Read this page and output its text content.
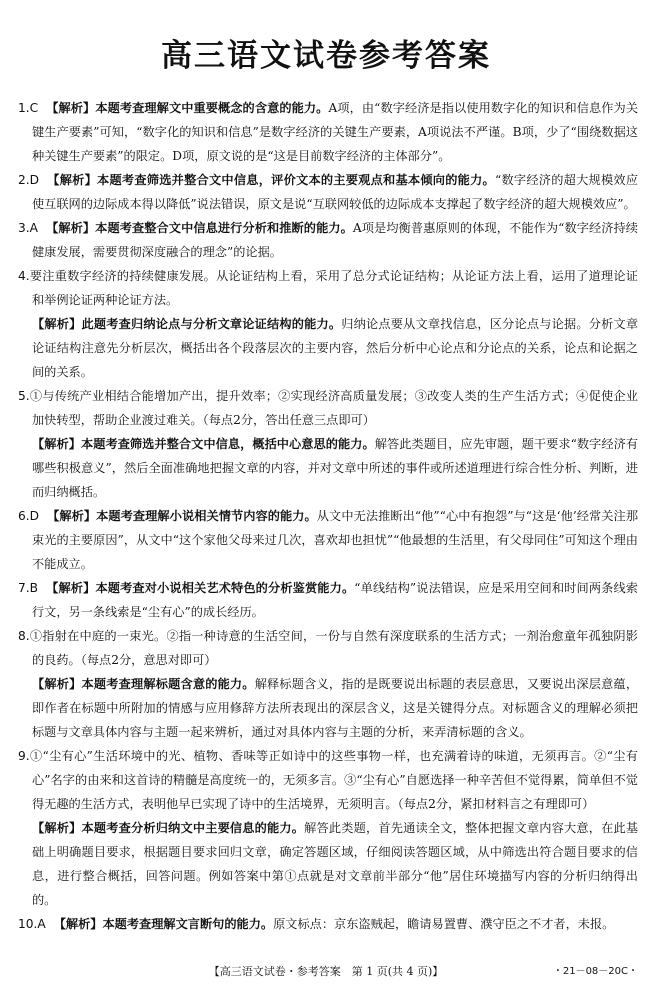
高三语文试卷参考答案

1.C 【解析】本题考查理解文中重要概念的含意的能力。A项，由“数字经济是指以使用数字化的知识和信息作为关键生产要素”可知，“数字化的知识和信息”是数字经济的关键生产要素，A项说法不严谨。B项，少了“围绕数据这种关键生产要素”的限定。D项，原文说的是“这是目前数字经济的主体部分”。

2.D 【解析】本题考查筛选并整合文中信息，评价文本的主要观点和基本倾向的能力。“数字经济的超大规模效应使互联网的边际成本得以降低”说法错误，原文是说“互联网较低的边际成本支撑起了数字经济的超大规模效应”。

3.A 【解析】本题考查整合文中信息进行分析和推断的能力。A项是均衡普惠原则的体现，不能作为“数字经济持续健康发展，需要贯彻深度融合的理念”的论据。

4.要注重数字经济的持续健康发展。从论证结构上看，采用了总分式论证结构；从论证方法上看，运用了道理论证和举例论证两种论证方法。

【解析】此题考查归纳论点与分析文章论证结构的能力。归纳论点要从文章找信息，区分论点与论据。分析文章论证结构注意先分析层次，概括出各个段落层次的主要内容，然后分析中心论点和分论点的关系，论点和论据之间的关系。

5.①与传统产业相结合能增加产出，提升效率；②实现经济高质量发展；③改变人类的生产生活方式；④促使企业加快转型，帮助企业渡过难关。（每点2分，答出任意三点即可）

【解析】本题考查筛选并整合文中信息，概括中心意思的能力。解答此类题目，应先审题，题干要求“数字经济有哪些积极意义”，然后全面准确地把握文章的内容，并对文章中所述的事件或所述道理进行综合性分析、判断，进而归纳概括。

6.D 【解析】本题考查理解小说相关情节内容的能力。从文中无法推断出“他”“心中有抱怨”与“这是‘他’经常关注那束光的主要原因”，从文中“这个家他父母来过几次，喜欢却也担忧”“他最想的生活里，有父母同住”可知这个理由不能成立。

7.B 【解析】本题考查对小说相关艺术特色的分析鉴赏能力。“单线结构”说法错误，应是采用空间和时间两条线索行文，另一条线索是“尘有心”的成长经历。

8.①指射在中庭的一束光。②指一种诗意的生活空间，一份与自然有深度联系的生活方式；一剂治愈童年孤独阴影的良药。（每点2分，意思对即可）

【解析】本题考查理解标题含意的能力。解释标题含义，指的是既要说出标题的表层意思，又要说出深层意蕴，即作者在标题中所附加的情感与应用修辞方法所表现出的深层含义，这是关键得分点。对标题含义的理解必须把标题与文章具体内容与主题一起来辨析，通过对具体内容与主题的分析，来弄清标题的含义。

9.①“尘有心”生活环境中的光、植物、香味等正如诗中的这些事物一样，也充满着诗的味道，无须再言。②“尘有心”名字的由来和这首诗的精髓是高度统一的，无须多言。③“尘有心”自愿选择一种辛苦但不觉得累，简单但不觉得无趣的生活方式，表明他早已实现了诗中的生活境界，无须明言。（每点2分，紧扣材料言之有理即可）

【解析】本题考查分析归纳文中主要信息的能力。解答此类题，首先通读全文，整体把握文章内容大意，在此基础上明确题目要求，根据题目要求回归文章，确定答题区域，仔细阅读答题区域，从中筛选出符合题目要求的信息，进行整合概括，回答问题。例如答案中第①点就是对文章前半部分“他”居住环境描写内容的分析归纳得出的。

10.A 【解析】本题考查理解文言断句的能力。原文标点：京东盗贼起，瞻请易置曹、濮守臣之不才者，未报。

【高三语文试卷・参考答案　第 1 页(共 4 页)】	・21－08－20C・
